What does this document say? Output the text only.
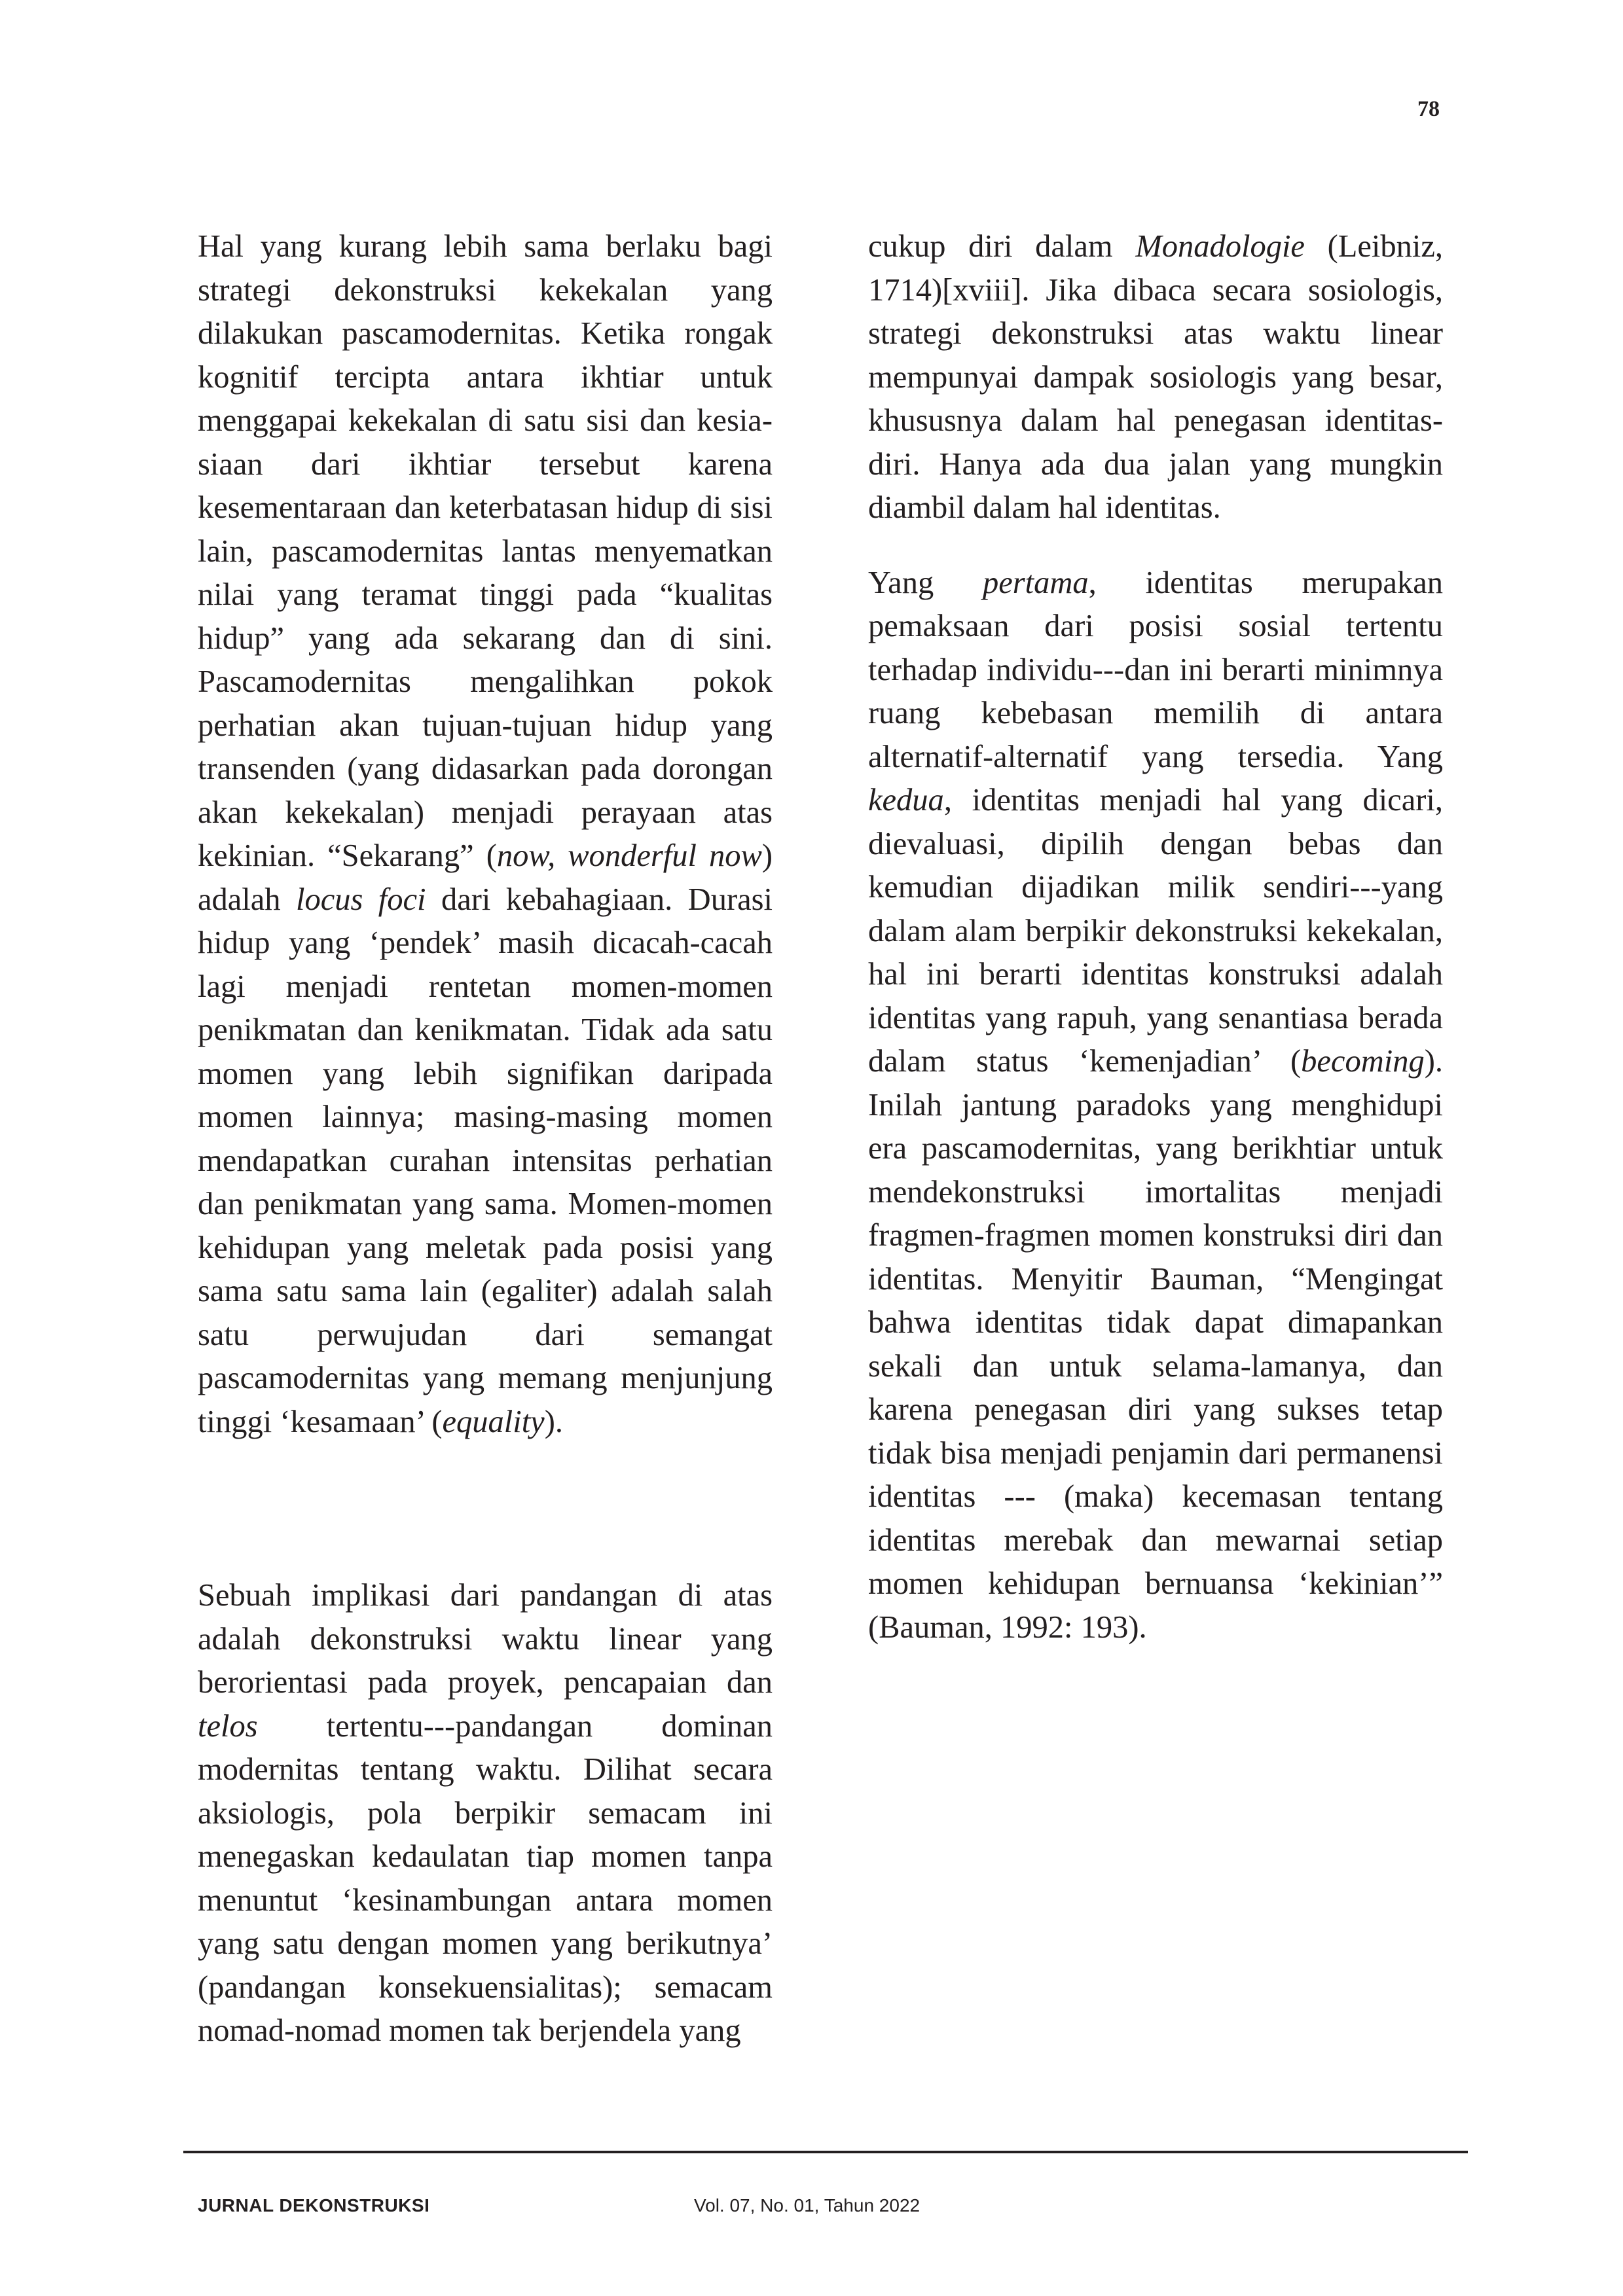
78

Hal yang kurang lebih sama berlaku bagi strategi dekonstruksi kekekalan yang dilakukan pascamodernitas. Ketika rongak kognitif tercipta antara ikhtiar untuk menggapai kekekalan di satu sisi dan kesia-siaan dari ikhtiar tersebut karena kesementaraan dan keterbatasan hidup di sisi lain, pascamodernitas lantas menyematkan nilai yang teramat tinggi pada “kualitas hidup” yang ada sekarang dan di sini. Pascamodernitas mengalihkan pokok perhatian akan tujuan-tujuan hidup yang transenden (yang didasarkan pada dorongan akan kekekalan) menjadi perayaan atas kekinian. “Sekarang” (now, wonderful now) adalah locus foci dari kebahagiaan. Durasi hidup yang ‘pendek’ masih dicacah-cacah lagi menjadi rentetan momen-momen penikmatan dan kenikmatan. Tidak ada satu momen yang lebih signifikan daripada momen lainnya; masing-masing momen mendapatkan curahan intensitas perhatian dan penikmatan yang sama. Momen-momen kehidupan yang meletak pada posisi yang sama satu sama lain (egaliter) adalah salah satu perwujudan dari semangat pascamodernitas yang memang menjunjung tinggi ‘kesamaan’ (equality).

Sebuah implikasi dari pandangan di atas adalah dekonstruksi waktu linear yang berorientasi pada proyek, pencapaian dan telos tertentu---pandangan dominan modernitas tentang waktu. Dilihat secara aksiologis, pola berpikir semacam ini menegaskan kedaulatan tiap momen tanpa menuntut ‘kesinambungan antara momen yang satu dengan momen yang berikutnya’ (pandangan konsekuensialitas); semacam nomad-nomad momen tak berjendela yang

cukup diri dalam Monadologie (Leibniz, 1714)[xviii]. Jika dibaca secara sosiologis, strategi dekonstruksi atas waktu linear mempunyai dampak sosiologis yang besar, khususnya dalam hal penegasan identitas-diri. Hanya ada dua jalan yang mungkin diambil dalam hal identitas.

Yang pertama, identitas merupakan pemaksaan dari posisi sosial tertentu terhadap individu---dan ini berarti minimnya ruang kebebasan memilih di antara alternatif-alternatif yang tersedia. Yang kedua, identitas menjadi hal yang dicari, dievaluasi, dipilih dengan bebas dan kemudian dijadikan milik sendiri---yang dalam alam berpikir dekonstruksi kekekalan, hal ini berarti identitas konstruksi adalah identitas yang rapuh, yang senantiasa berada dalam status ‘kemenjadian’ (becoming). Inilah jantung paradoks yang menghidupi era pascamodernitas, yang berikhtiar untuk mendekonstruksi imortalitas menjadi fragmen-fragmen momen konstruksi diri dan identitas. Menyitir Bauman, “Mengingat bahwa identitas tidak dapat dimapankan sekali dan untuk selama-lamanya, dan karena penegasan diri yang sukses tetap tidak bisa menjadi penjamin dari permanensi identitas --- (maka) kecemasan tentang identitas merebak dan mewarnai setiap momen kehidupan bernuansa ‘kekinian’” (Bauman, 1992: 193).

JURNAL DEKONSTRUKSI	Vol. 07, No. 01, Tahun 2022
